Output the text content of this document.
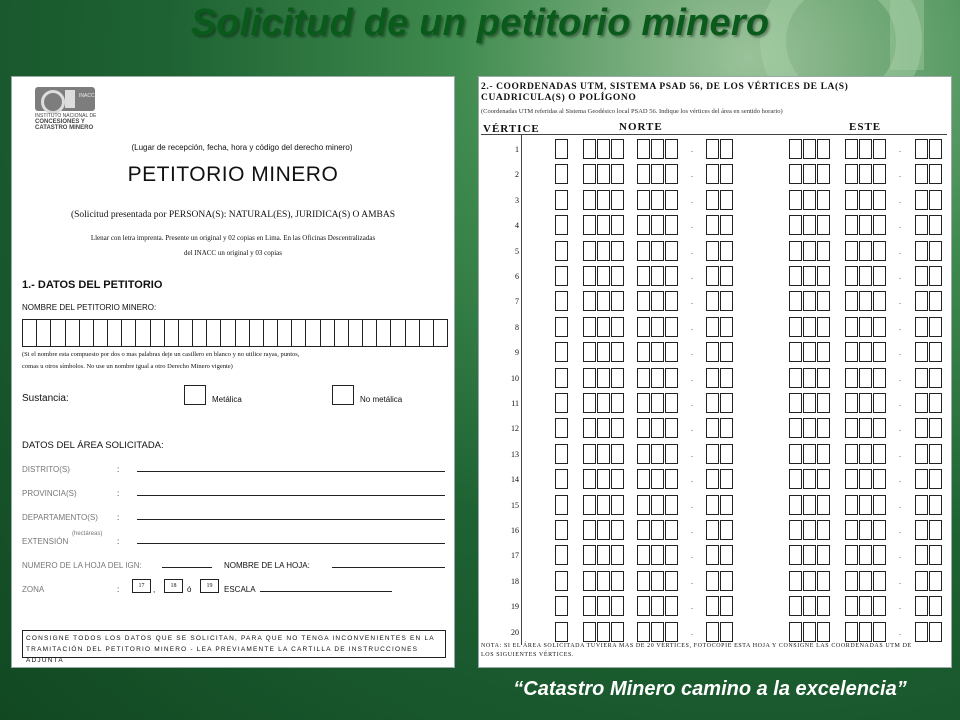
Solicitud de un petitorio minero
INACC
INSTITUTO NACIONAL DE
CONCESIONES Y
CATASTRO MINERO
(Lugar de recepción, fecha, hora y código del derecho minero)
PETITORIO MINERO
(Solicitud presentada por PERSONA(S): NATURAL(ES), JURIDICA(S) O AMBAS
Llenar con letra imprenta. Presente un original y 02 copias en Lima. En las Oficinas Descentralizadas
del INACC un original y 03 copias
1.- DATOS DEL PETITORIO
NOMBRE DEL PETITORIO MINERO:
(Si el nombre esta compuesto por dos o mas palabras deje un casillero en blanco y no utilice rayas, puntos,
comas u otros símbolos. No use un nombre igual a otro Derecho Minero vigente)
Sustancia:	Metálica	No metálica
DATOS DEL ÁREA SOLICITADA:
DISTRITO(S)	:
PROVINCIA(S)	:
DEPARTAMENTO(S) :
EXTENSIÓN
(hectáreas)
:
NUMERO DE LA HOJA DEL IGN:	NOMBRE DE LA HOJA:
ZONA	:	17	,	18	ó	19	ESCALA
CONSIGNE TODOS LOS DATOS QUE SE SOLICITAN, PARA QUE NO TENGA INCONVENIENTES EN LA TRAMITACIÓN DEL PETITORIO MINERO - LEA PREVIAMENTE LA CARTILLA DE INSTRUCCIONES ADJUNTA
2.- COORDENADAS UTM, SISTEMA PSAD 56, DE LOS VÉRTICES DE LA(S) CUADRICULA(S) O POLÍGONO
(Coordenadas UTM referidas al Sistema Geodésico local PSAD 56. Indique los vértices del área en sentido horario)
VÉRTICE	NORTE	ESTE
1	.	.
2	.	.
3	.	.
4	.	.
5	.	.
6	.	.
7	.	.
8	.	.
9	.	.
10	.	.
11	.	.
12	.	.
13	.	.
14	.	.
15	.	.
16	.	.
17	.	.
18	.	.
19	.	.
20	.	.
NOTA: SI EL ÁREA SOLICITADA TUVIERA MAS DE 20 VÉRTICES, FOTOCOPIE ESTA HOJA Y CONSIGNE LAS COORDENADAS UTM DE LOS SIGUIENTES VÉRTICES.
“Catastro Minero camino a la excelencia”
